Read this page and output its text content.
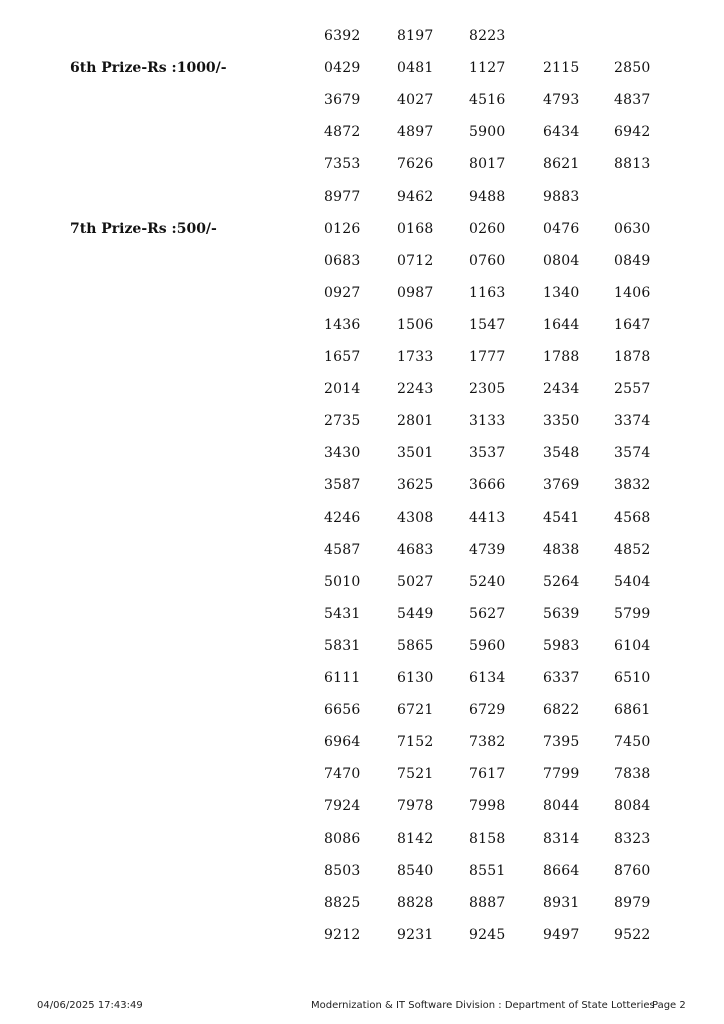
6392	8197	8223
6th Prize-Rs :1000/-	0429	0481	1127	2115 2850
3679	4027	4516	4793 4837
4872	4897	5900	6434 6942
7353	7626	8017	8621 8813
8977	9462	9488	9883
7th Prize-Rs :500/-	0126	0168	0260	0476 0630
0683	0712	0760	0804 0849
0927	0987	1163	1340 1406
1436	1506	1547	1644 1647
1657	1733	1777	1788 1878
2014	2243	2305	2434 2557
2735	2801	3133	3350 3374
3430	3501	3537	3548 3574
3587	3625	3666	3769 3832
4246	4308	4413	4541 4568
4587	4683	4739	4838 4852
5010	5027	5240	5264 5404
5431	5449	5627	5639 5799
5831	5865	5960	5983 6104
6111	6130	6134	6337 6510
6656	6721	6729	6822 6861
6964	7152	7382	7395 7450
7470	7521	7617	7799 7838
7924	7978	7998	8044 8084
8086	8142	8158	8314 8323
8503	8540	8551	8664 8760
8825	8828	8887	8931 8979
9212	9231	9245	9497 9522
04/06/2025 17:43:49	Modernization & IT Software Division : Department of State Lotteries
Page 2
